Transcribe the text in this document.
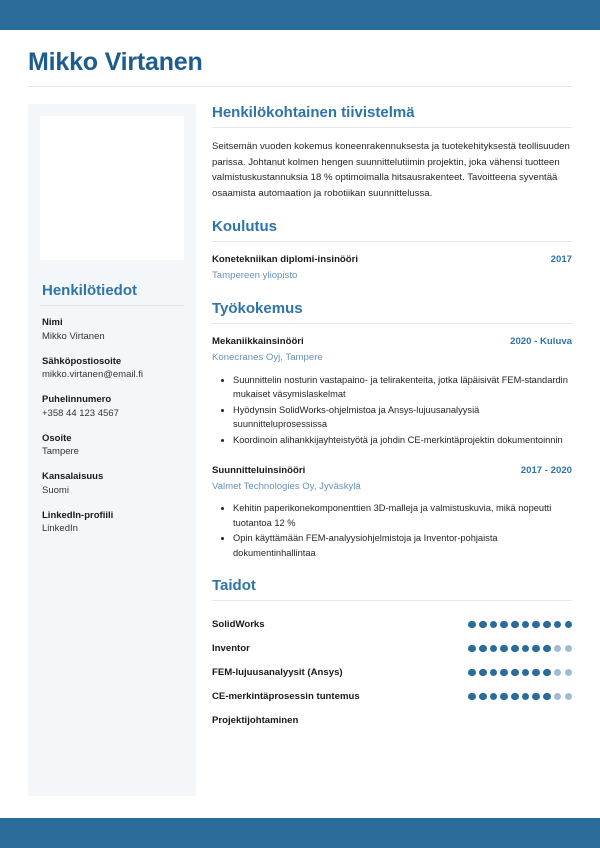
Mikko Virtanen
Henkilötiedot
Nimi
Mikko Virtanen
Sähköpostiosoite
mikko.virtanen@email.fi
Puhelinnumero
+358 44 123 4567
Osoite
Tampere
Kansalaisuus
Suomi
LinkedIn-profiili
LinkedIn
Henkilökohtainen tiivistelmä

Seitsemän vuoden kokemus koneenrakennuksesta ja tuotekehityksestä teollisuuden parissa. Johtanut kolmen hengen suunnittelutiimin projektin, joka vähensi tuotteen valmistuskustannuksia 18 % optimoimalla hitsausrakenteet. Tavoitteena syventää osaamista automaation ja robotiikan suunnittelussa.

Koulutus
Konetekniikan diplomi-insinööri	2017
Tampereen yliopisto
Työkokemus
Mekaniikkainsinööri	2020 - Kuluva
Konecranes Oyj, Tampere
• Suunnittelin nosturin vastapaino- ja telirakenteita, jotka läpäisivät FEM-standardin mukaiset väsymislaskelmat
• Hyödynsin SolidWorks-ohjelmistoa ja Ansys-lujuusanalyysiä suunnitteluprosessissa
• Koordinoin alihankkijayhteistyötä ja johdin CE-merkintäprojektin dokumentoinnin
Suunnitteluinsinööri	2017 - 2020
Valmet Technologies Oy, Jyväskylä
• Kehitin paperikonekomponenttien 3D-malleja ja valmistuskuvia, mikä nopeutti tuotantoa 12 %
• Opin käyttämään FEM-analyysiohjelmistoja ja Inventor-pohjaista dokumentinhallintaa
Taidot
SolidWorks
Inventor
FEM-lujuusanalyysit (Ansys)
CE-merkintäprosessin tuntemus
Projektijohtaminen
